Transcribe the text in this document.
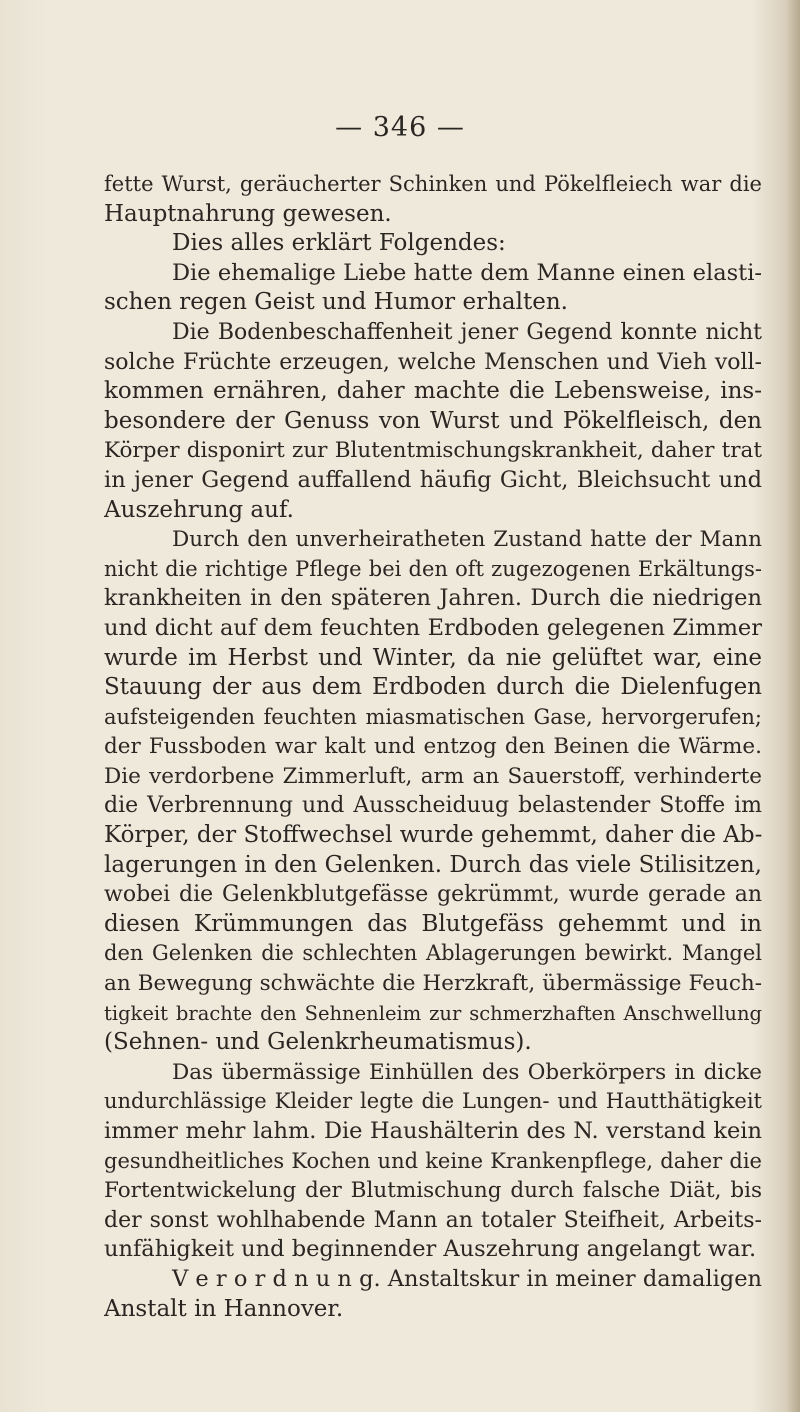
— 346 —
fette Wurst, geräucherter Schinken und Pökelfleiech war die
Hauptnahrung gewesen.
Dies alles erklärt Folgendes:
Die ehemalige Liebe hatte dem Manne einen elasti-
schen regen Geist und Humor erhalten.
Die Bodenbeschaffenheit jener Gegend konnte nicht
solche Früchte erzeugen, welche Menschen und Vieh voll-
kommen ernähren, daher machte die Lebensweise, ins-
besondere der Genuss von Wurst und Pökelfleisch, den
Körper disponirt zur Blutentmischungskrankheit, daher trat
in jener Gegend auffallend häufig Gicht, Bleichsucht und
Auszehrung auf.
Durch den unverheiratheten Zustand hatte der Mann
nicht die richtige Pflege bei den oft zugezogenen Erkältungs-
krankheiten in den späteren Jahren. Durch die niedrigen
und dicht auf dem feuchten Erdboden gelegenen Zimmer
wurde im Herbst und Winter, da nie gelüftet war, eine
Stauung der aus dem Erdboden durch die Dielenfugen
aufsteigenden feuchten miasmatischen Gase, hervorgerufen;
der Fussboden war kalt und entzog den Beinen die Wärme.
Die verdorbene Zimmerluft, arm an Sauerstoff, verhinderte
die Verbrennung und Ausscheiduug belastender Stoffe im
Körper, der Stoffwechsel wurde gehemmt, daher die Ab-
lagerungen in den Gelenken. Durch das viele Stilisitzen,
wobei die Gelenkblutgefässe gekrümmt, wurde gerade an
diesen Krümmungen das Blutgefäss gehemmt und in
den Gelenken die schlechten Ablagerungen bewirkt. Mangel
an Bewegung schwächte die Herzkraft, übermässige Feuch-
tigkeit brachte den Sehnenleim zur schmerzhaften Anschwellung
(Sehnen- und Gelenkrheumatismus).
Das übermässige Einhüllen des Oberkörpers in dicke
undurchlässige Kleider legte die Lungen- und Hautthätigkeit
immer mehr lahm. Die Haushälterin des N. verstand kein
gesundheitliches Kochen und keine Krankenpflege, daher die
Fortentwickelung der Blutmischung durch falsche Diät, bis
der sonst wohlhabende Mann an totaler Steifheit, Arbeits-
unfähigkeit und beginnender Auszehrung angelangt war.
V e r o r d n u n g. Anstaltskur in meiner damaligen
Anstalt in Hannover.
